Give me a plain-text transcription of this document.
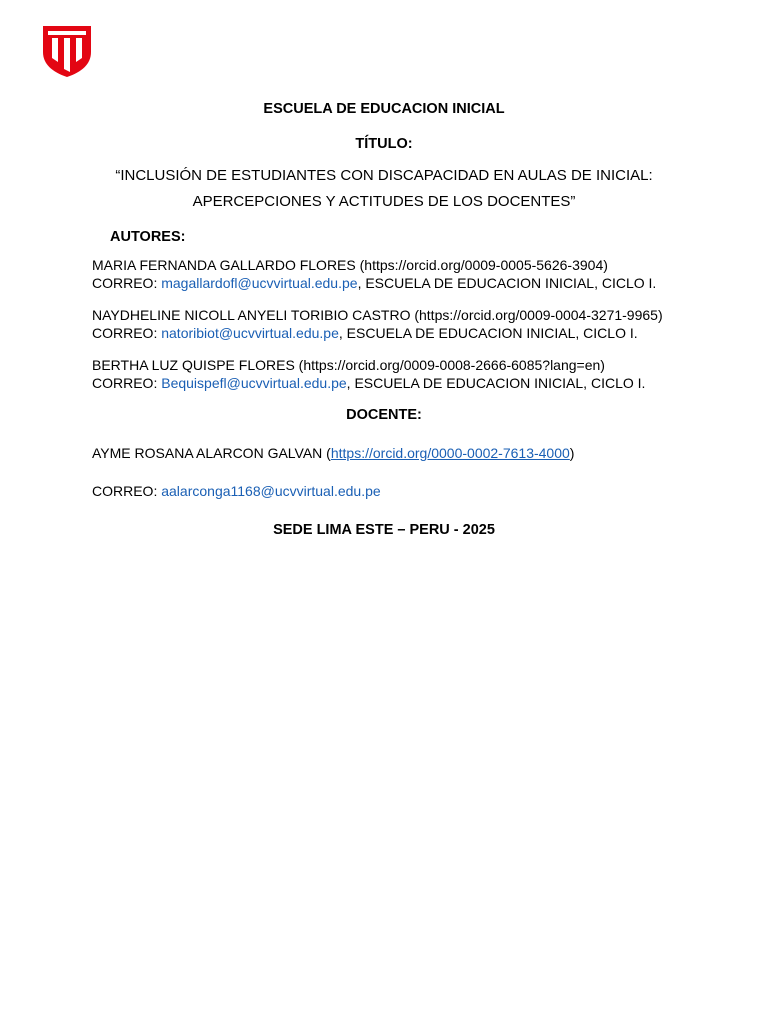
ESCUELA DE EDUCACION INICIAL
TÍTULO:
“INCLUSIÓN DE ESTUDIANTES CON DISCAPACIDAD EN AULAS DE INICIAL:
APERCEPCIONES Y ACTITUDES DE LOS DOCENTES”
AUTORES:
MARIA FERNANDA GALLARDO FLORES (https://orcid.org/0009-0005-5626-3904)
CORREO: magallardofl@ucvvirtual.edu.pe, ESCUELA DE EDUCACION INICIAL, CICLO I.
NAYDHELINE NICOLL ANYELI TORIBIO CASTRO (https://orcid.org/0009-0004-3271-9965)
CORREO: natoribiot@ucvvirtual.edu.pe, ESCUELA DE EDUCACION INICIAL, CICLO I.
BERTHA LUZ QUISPE FLORES (https://orcid.org/0009-0008-2666-6085?lang=en)
CORREO: Bequispefl@ucvvirtual.edu.pe, ESCUELA DE EDUCACION INICIAL, CICLO I.
DOCENTE:
AYME ROSANA ALARCON GALVAN (https://orcid.org/0000-0002-7613-4000)
CORREO: aalarconga1168@ucvvirtual.edu.pe
SEDE LIMA ESTE – PERU - 2025
